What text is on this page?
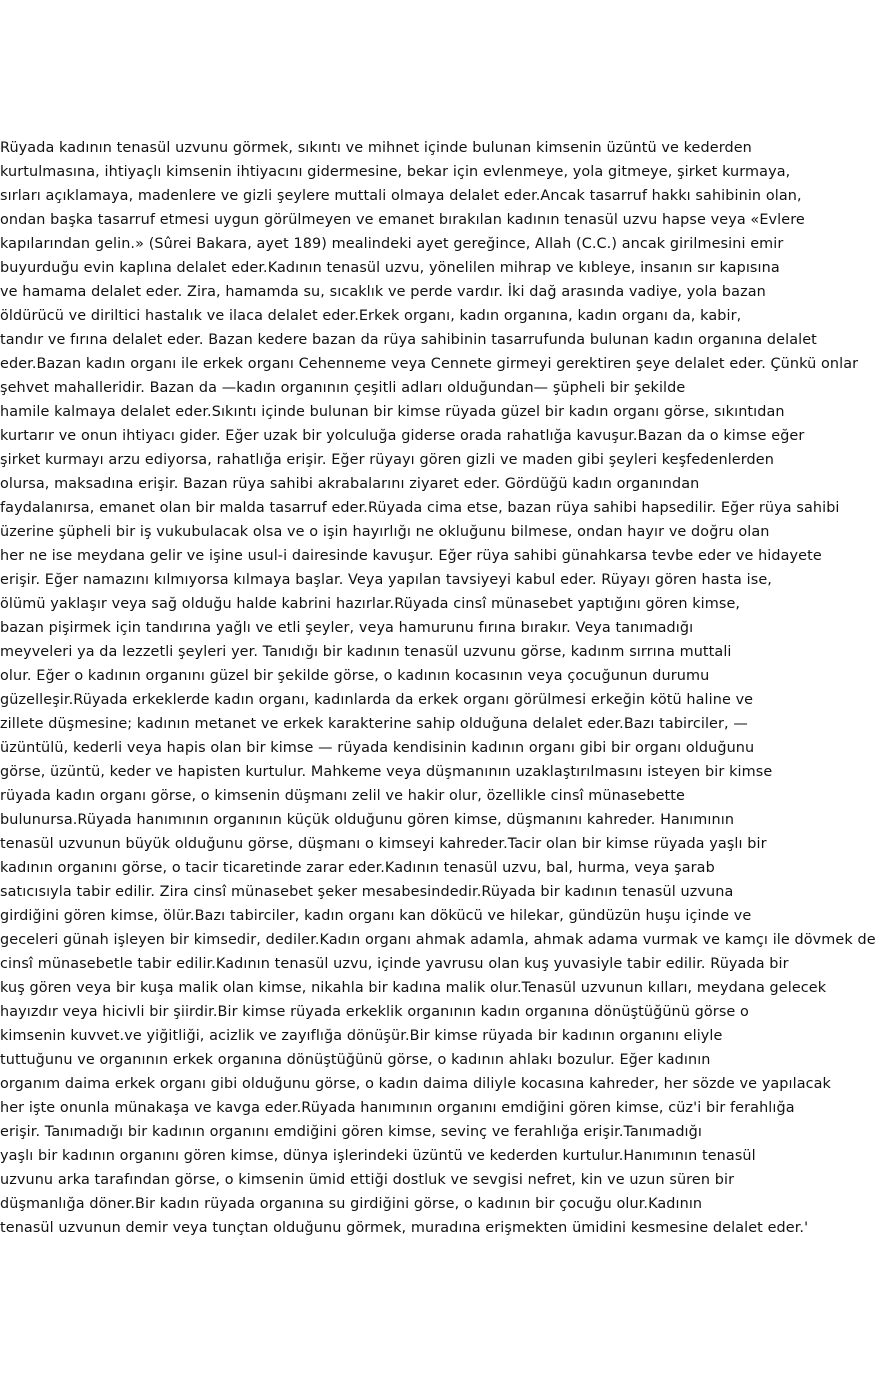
Rüyada kadının tenasül uzvunu görmek, sıkıntı ve mihnet içinde bulunan kimsenin üzüntü ve kederden
kurtulmasına, ihtiyaçlı kimsenin ihtiyacını gidermesine, bekar için evlenmeye, yola gitmeye, şirket kurmaya,
sırları açıklamaya, madenlere ve gizli şeylere muttali olmaya delalet eder.Ancak tasarruf hakkı sahibinin olan,
ondan başka tasarruf etmesi uygun görülmeyen ve emanet bırakılan kadının tenasül uzvu hapse veya «Evlere
kapılarından gelin.» (Sûrei Bakara, ayet 189) mealindeki ayet gereğince, Allah (C.C.) ancak girilmesini emir
buyurduğu evin kaplına delalet eder.Kadının tenasül uzvu, yönelilen mihrap ve kıbleye, insanın sır kapısına
ve hamama delalet eder. Zira, hamamda su, sıcaklık ve perde vardır. İki dağ arasında vadiye, yola bazan
öldürücü ve diriltici hastalık ve ilaca delalet eder.Erkek organı, kadın organına, kadın organı da, kabir,
tandır ve fırına delalet eder. Bazan kedere bazan da rüya sahibinin tasarrufunda bulunan kadın organına delalet
eder.Bazan kadın organı ile erkek organı Cehenneme veya Cennete girmeyi gerektiren şeye delalet eder. Çünkü onlar
şehvet mahalleridir. Bazan da —kadın organının çeşitli adları olduğundan— şüpheli bir şekilde
hamile kalmaya delalet eder.Sıkıntı içinde bulunan bir kimse rüyada güzel bir kadın organı görse, sıkıntıdan
kurtarır ve onun ihtiyacı gider. Eğer uzak bir yolculuğa giderse orada rahatlığa kavuşur.Bazan da o kimse eğer
şirket kurmayı arzu ediyorsa, rahatlığa erişir. Eğer rüyayı gören gizli ve maden gibi şeyleri keşfedenlerden
olursa, maksadına erişir. Bazan rüya sahibi akrabalarını ziyaret eder. Gördüğü kadın organından
faydalanırsa, emanet olan bir malda tasarruf eder.Rüyada cima etse, bazan rüya sahibi hapsedilir. Eğer rüya sahibi
üzerine şüpheli bir iş vukubulacak olsa ve o işin hayırlığı ne okluğunu bilmese, ondan hayır ve doğru olan
her ne ise meydana gelir ve işine usul-i dairesinde kavuşur. Eğer rüya sahibi günahkarsa tevbe eder ve hidayete
erişir. Eğer namazını kılmıyorsa kılmaya başlar. Veya yapılan tavsiyeyi kabul eder. Rüyayı gören hasta ise,
ölümü yaklaşır veya sağ olduğu halde kabrini hazırlar.Rüyada cinsî münasebet yaptığını gören kimse,
bazan pişirmek için tandırına yağlı ve etli şeyler, veya hamurunu fırına bırakır. Veya tanımadığı
meyveleri ya da lezzetli şeyleri yer. Tanıdığı bir kadının tenasül uzvunu görse, kadınm sırrına muttali
olur. Eğer o kadının organını güzel bir şekilde görse, o kadının kocasının veya çocuğunun durumu
güzelleşir.Rüyada erkeklerde kadın organı, kadınlarda da erkek organı görülmesi erkeğin kötü haline ve
zillete düşmesine; kadının metanet ve erkek karakterine sahip olduğuna delalet eder.Bazı tabirciler, —
üzüntülü, kederli veya hapis olan bir kimse — rüyada kendisinin kadının organı gibi bir organı olduğunu
görse, üzüntü, keder ve hapisten kurtulur. Mahkeme veya düşmanının uzaklaştırılmasını isteyen bir kimse
rüyada kadın organı görse, o kimsenin düşmanı zelil ve hakir olur, özellikle cinsî münasebette
bulunursa.Rüyada hanımının organının küçük olduğunu gören kimse, düşmanını kahreder. Hanımının
tenasül uzvunun büyük olduğunu görse, düşmanı o kimseyi kahreder.Tacir olan bir kimse rüyada yaşlı bir
kadının organını görse, o tacir ticaretinde zarar eder.Kadının tenasül uzvu, bal, hurma, veya şarab
satıcısıyla tabir edilir. Zira cinsî münasebet şeker mesabesindedir.Rüyada bir kadının tenasül uzvuna
girdiğini gören kimse, ölür.Bazı tabirciler, kadın organı kan dökücü ve hilekar, gündüzün huşu içinde ve
geceleri günah işleyen bir kimsedir, dediler.Kadın organı ahmak adamla, ahmak adama vurmak ve kamçı ile dövmek de
cinsî münasebetle tabir edilir.Kadının tenasül uzvu, içinde yavrusu olan kuş yuvasiyle tabir edilir. Rüyada bir
kuş gören veya bir kuşa malik olan kimse, nikahla bir kadına malik olur.Tenasül uzvunun kılları, meydana gelecek
hayızdır veya hicivli bir şiirdir.Bir kimse rüyada erkeklik organının kadın organına dönüştüğünü görse o
kimsenin kuvvet.ve yiğitliği, acizlik ve zayıflığa dönüşür.Bir kimse rüyada bir kadının organını eliyle
tuttuğunu ve organının erkek organına dönüştüğünü görse, o kadının ahlakı bozulur. Eğer kadının
organım daima erkek organı gibi olduğunu görse, o kadın daima diliyle kocasına kahreder, her sözde ve yapılacak
her işte onunla münakaşa ve kavga eder.Rüyada hanımının organını emdiğini gören kimse, cüz'i bir ferahlığa
erişir. Tanımadığı bir kadının organını emdiğini gören kimse, sevinç ve ferahlığa erişir.Tanımadığı
yaşlı bir kadının organını gören kimse, dünya işlerindeki üzüntü ve kederden kurtulur.Hanımının tenasül
uzvunu arka tarafından görse, o kimsenin ümid ettiği dostluk ve sevgisi nefret, kin ve uzun süren bir
düşmanlığa döner.Bir kadın rüyada organına su girdiğini görse, o kadının bir çocuğu olur.Kadının
tenasül uzvunun demir veya tunçtan olduğunu görmek, muradına erişmekten ümidini kesmesine delalet eder.'
